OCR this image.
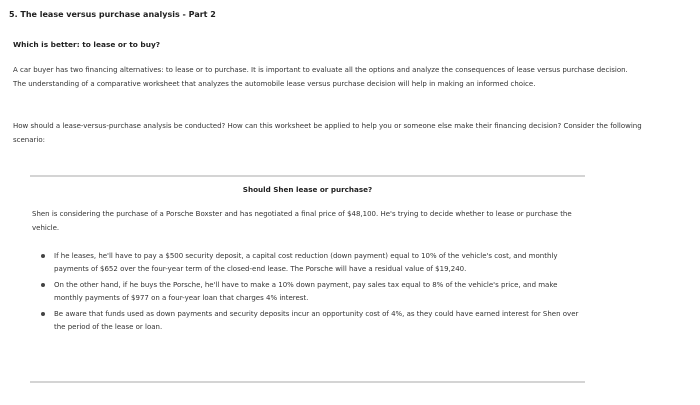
5. The lease versus purchase analysis - Part 2
Which is better: to lease or to buy?
A car buyer has two financing alternatives: to lease or to purchase. It is important to evaluate all the options and analyze the consequences of lease versus purchase decision. The understanding of a comparative worksheet that analyzes the automobile lease versus purchase decision will help in making an informed choice.
How should a lease-versus-purchase analysis be conducted? How can this worksheet be applied to help you or someone else make their financing decision? Consider the following scenario:
Should Shen lease or purchase?
Shen is considering the purchase of a Porsche Boxster and has negotiated a final price of $48,100. He's trying to decide whether to lease or purchase the vehicle.
If he leases, he'll have to pay a $500 security deposit, a capital cost reduction (down payment) equal to 10% of the vehicle's cost, and monthly payments of $652 over the four-year term of the closed-end lease. The Porsche will have a residual value of $19,240.
On the other hand, if he buys the Porsche, he'll have to make a 10% down payment, pay sales tax equal to 8% of the vehicle's price, and make monthly payments of $977 on a four-year loan that charges 4% interest.
Be aware that funds used as down payments and security deposits incur an opportunity cost of 4%, as they could have earned interest for Shen over the period of the lease or loan.
